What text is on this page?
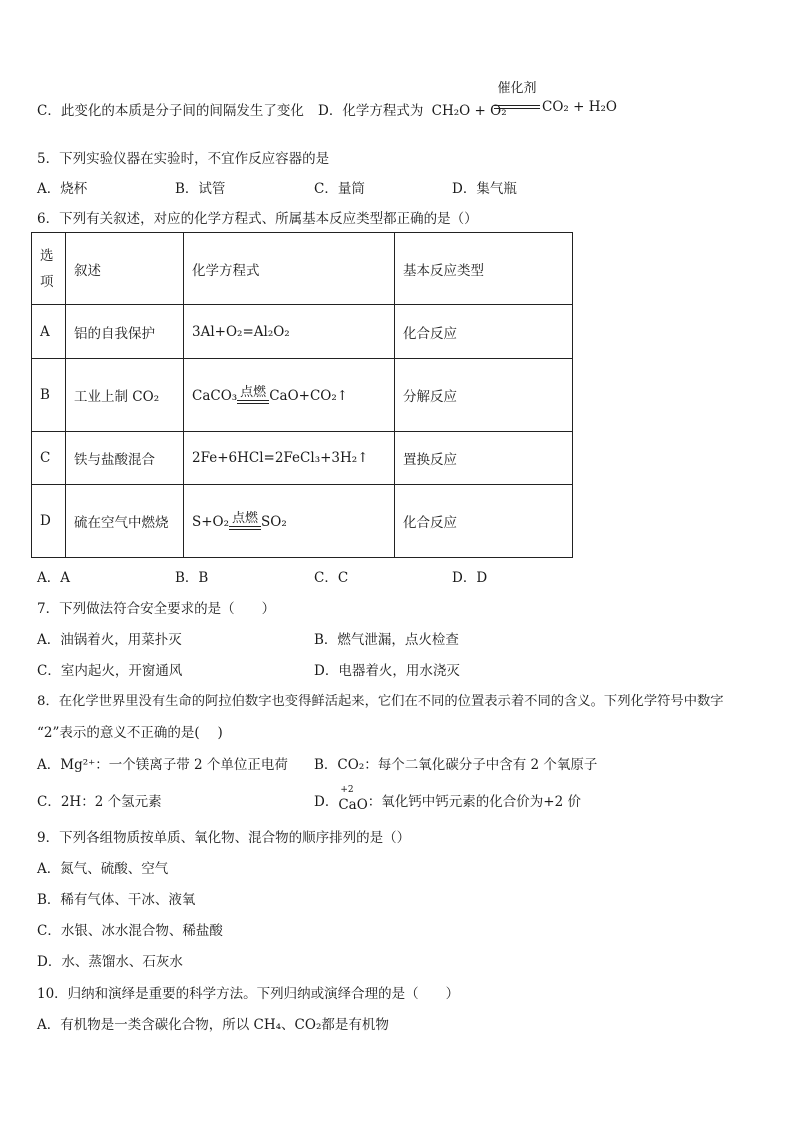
C．此变化的本质是分子间的间隔发生了变化 D．化学方程式为 CH₂O + O₂
催化剂
CO₂ + H₂O
5．下列实验仪器在实验时，不宜作反应容器的是
A．烧杯	B．试管	C．量筒	D．集气瓶
6．下列有关叙述，对应的化学方程式、所属基本反应类型都正确的是（）
选项	叙述	化学方程式	基本反应类型
A	铝的自我保护	3Al+O₂=Al₂O₂	化合反应
B	工业上制 CO₂	CaCO₃ 点燃 CaO+CO₂↑	分解反应
C	铁与盐酸混合	2Fe+6HCl=2FeCl₃+3H₂↑	置换反应
D	硫在空气中燃烧	S+O₂ 点燃 SO₂	化合反应
A．A	B．B	C．C	D．D
7．下列做法符合安全要求的是（　　）
A．油锅着火，用菜扑灭	B．燃气泄漏，点火检查
C．室内起火，开窗通风	D．电器着火，用水浇灭
8．在化学世界里没有生命的阿拉伯数字也变得鲜活起来，它们在不同的位置表示着不同的含义。下列化学符号中数字
“2”表示的意义不正确的是(　 )
A．Mg²⁺：一个镁离子带 2 个单位正电荷 B．CO₂：每个二氧化碳分子中含有 2 个氧原子
C．2H：2 个氢元素	D．
+2
CaO：氧化钙中钙元素的化合价为+2 价
9．下列各组物质按单质、氧化物、混合物的顺序排列的是（）
A．氮气、硫酸、空气
B．稀有气体、干冰、液氧
C．水银、冰水混合物、稀盐酸
D．水、蒸馏水、石灰水
10．归纳和演绎是重要的科学方法。下列归纳或演绎合理的是（　　）
A．有机物是一类含碳化合物，所以 CH₄、CO₂都是有机物
